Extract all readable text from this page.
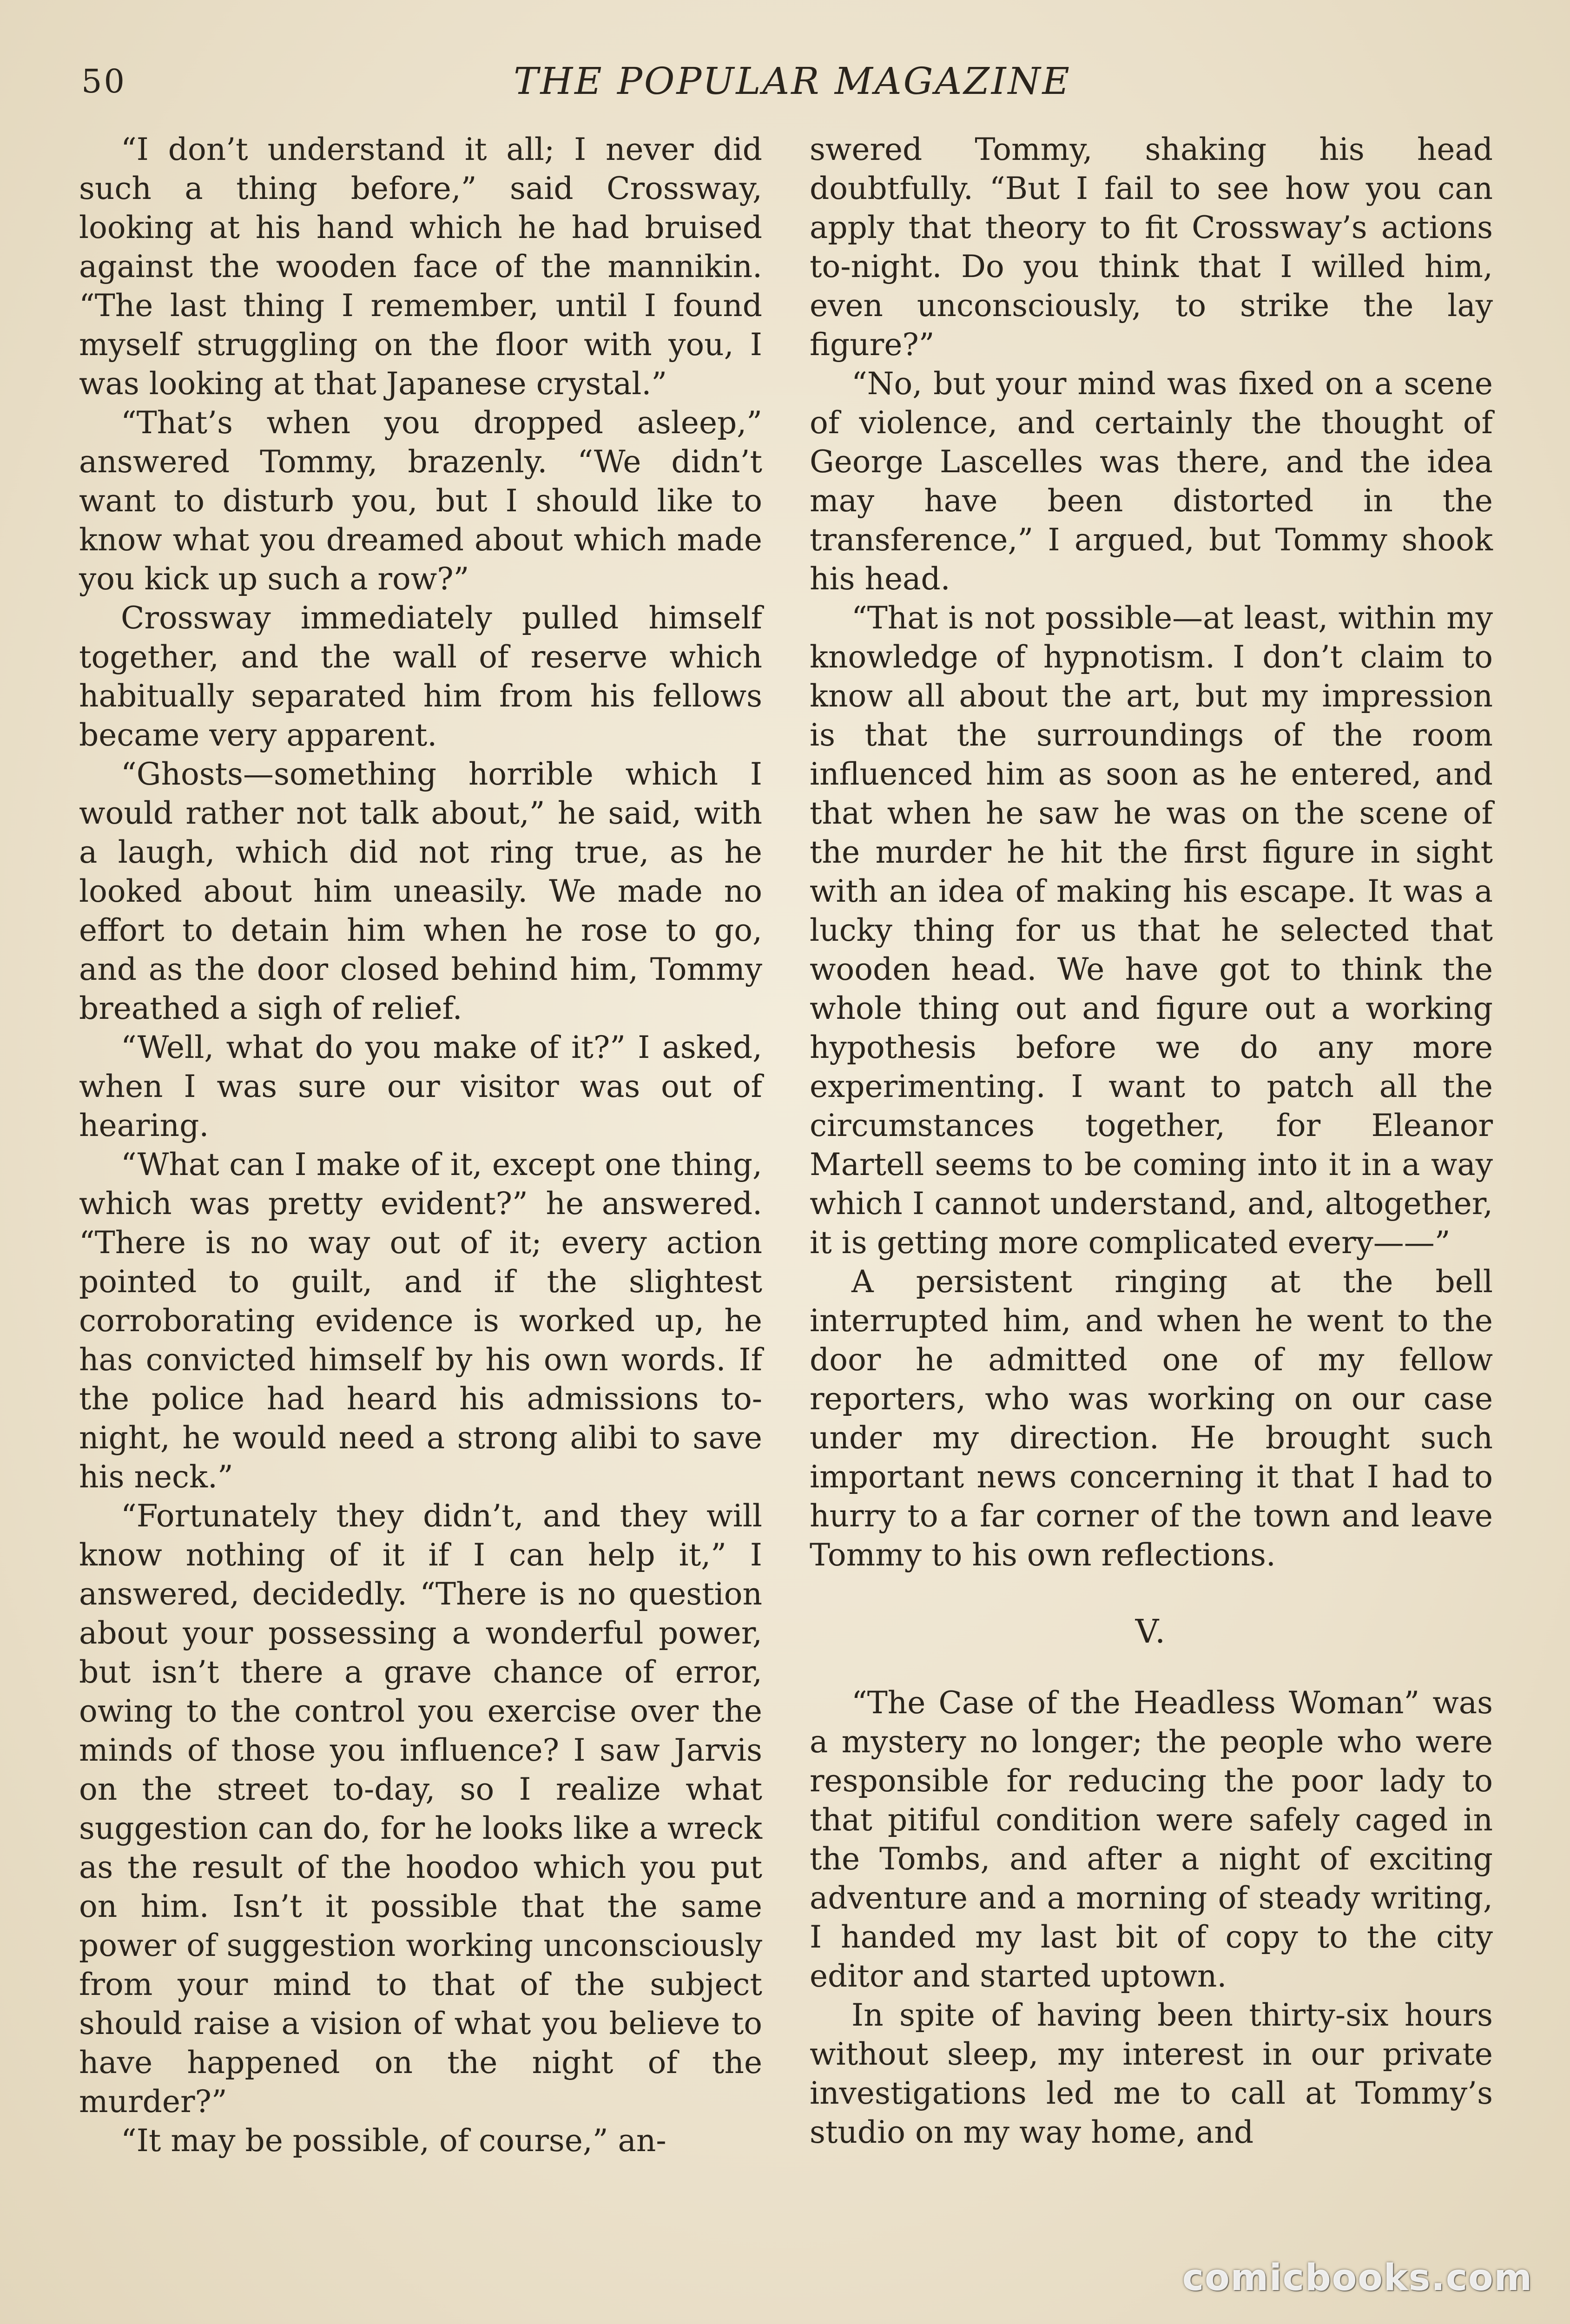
50	THE POPULAR MAGAZINE

“I don’t understand it all; I never did such a thing before,” said Crossway, looking at his hand which he had bruised against the wooden face of the mannikin. “The last thing I remember, until I found myself struggling on the floor with you, I was looking at that Japanese crystal.”

“That’s when you dropped asleep,” answered Tommy, brazenly. “We didn’t want to disturb you, but I should like to know what you dreamed about which made you kick up such a row?”

Crossway immediately pulled himself together, and the wall of reserve which habitually separated him from his fellows became very apparent.

“Ghosts—something horrible which I would rather not talk about,” he said, with a laugh, which did not ring true, as he looked about him uneasily. We made no effort to detain him when he rose to go, and as the door closed behind him, Tommy breathed a sigh of relief.

“Well, what do you make of it?” I asked, when I was sure our visitor was out of hearing.

“What can I make of it, except one thing, which was pretty evident?” he answered. “There is no way out of it; every action pointed to guilt, and if the slightest corroborating evidence is worked up, he has convicted himself by his own words. If the police had heard his admissions to-night, he would need a strong alibi to save his neck.”

“Fortunately they didn’t, and they will know nothing of it if I can help it,” I answered, decidedly. “There is no question about your possessing a wonderful power, but isn’t there a grave chance of error, owing to the control you exercise over the minds of those you influence? I saw Jarvis on the street to-day, so I realize what suggestion can do, for he looks like a wreck as the result of the hoodoo which you put on him. Isn’t it possible that the same power of suggestion working unconsciously from your mind to that of the subject should raise a vision of what you believe to have happened on the night of the murder?”

“It may be possible, of course,” an-

swered Tommy, shaking his head doubtfully. “But I fail to see how you can apply that theory to fit Crossway’s actions to-night. Do you think that I willed him, even unconsciously, to strike the lay figure?”

“No, but your mind was fixed on a scene of violence, and certainly the thought of George Lascelles was there, and the idea may have been distorted in the transference,” I argued, but Tommy shook his head.

“That is not possible—at least, within my knowledge of hypnotism. I don’t claim to know all about the art, but my impression is that the surroundings of the room influenced him as soon as he entered, and that when he saw he was on the scene of the murder he hit the first figure in sight with an idea of making his escape. It was a lucky thing for us that he selected that wooden head. We have got to think the whole thing out and figure out a working hypothesis before we do any more experimenting. I want to patch all the circumstances together, for Eleanor Martell seems to be coming into it in a way which I cannot understand, and, altogether, it is getting more complicated every——”

A persistent ringing at the bell interrupted him, and when he went to the door he admitted one of my fellow reporters, who was working on our case under my direction. He brought such important news concerning it that I had to hurry to a far corner of the town and leave Tommy to his own reflections.

V.

“The Case of the Headless Woman” was a mystery no longer; the people who were responsible for reducing the poor lady to that pitiful condition were safely caged in the Tombs, and after a night of exciting adventure and a morning of steady writing, I handed my last bit of copy to the city editor and started uptown.

In spite of having been thirty-six hours without sleep, my interest in our private investigations led me to call at Tommy’s studio on my way home, and

comicbooks.com
